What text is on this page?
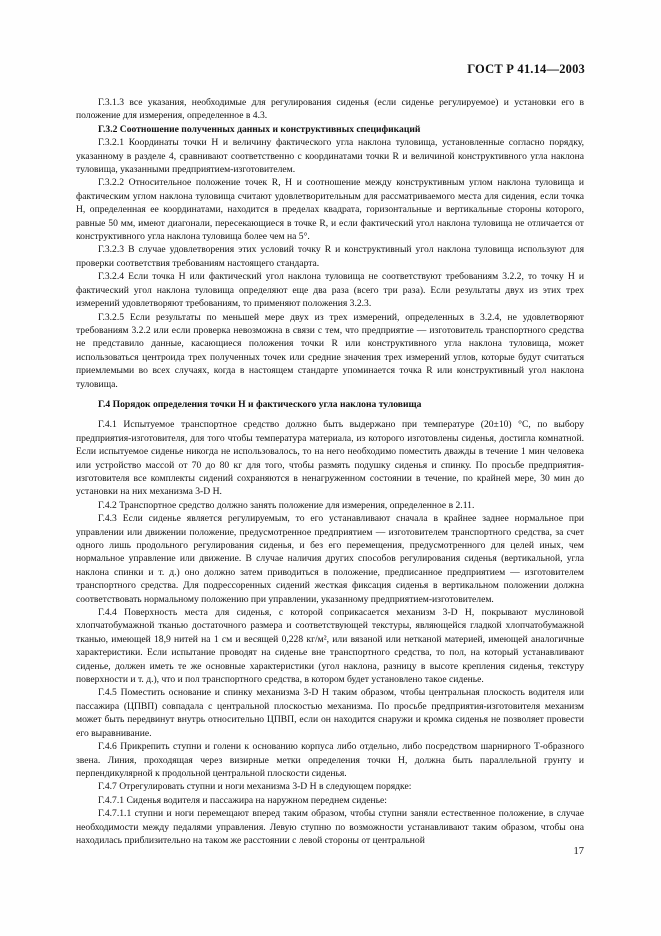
ГОСТ Р 41.14—2003

Г.3.1.3 все указания, необходимые для регулирования сиденья (если сиденье регулируемое) и установки его в положение для измерения, определенное в 4.3.

Г.3.2 Соотношение полученных данных и конструктивных спецификаций

Г.3.2.1 Координаты точки Н и величину фактического угла наклона туловища, установленные согласно порядку, указанному в разделе 4, сравнивают соответственно с координатами точки R и величиной конструктивного угла наклона туловища, указанными предприятием-изготовителем.

Г.3.2.2 Относительное положение точек R, Н и соотношение между конструктивным углом наклона туловища и фактическим углом наклона туловища считают удовлетворительным для рассматриваемого места для сидения, если точка Н, определенная ее координатами, находится в пределах квадрата, горизонтальные и вертикальные стороны которого, равные 50 мм, имеют диагонали, пересекающиеся в точке R, и если фактический угол наклона туловища не отличается от конструктивного угла наклона туловища более чем на 5°.

Г.3.2.3 В случае удовлетворения этих условий точку R и конструктивный угол наклона туловища используют для проверки соответствия требованиям настоящего стандарта.

Г.3.2.4 Если точка Н или фактический угол наклона туловища не соответствуют требованиям 3.2.2, то точку Н и фактический угол наклона туловища определяют еще два раза (всего три раза). Если результаты двух из этих трех измерений удовлетворяют требованиям, то применяют положения 3.2.3.

Г.3.2.5 Если результаты по меньшей мере двух из трех измерений, определенных в 3.2.4, не удовлетворяют требованиям 3.2.2 или если проверка невозможна в связи с тем, что предприятие — изготовитель транспортного средства не представило данные, касающиеся положения точки R или конструктивного угла наклона туловища, может использоваться центроида трех полученных точек или средние значения трех измерений углов, которые будут считаться приемлемыми во всех случаях, когда в настоящем стандарте упоминается точка R или конструктивный угол наклона туловища.

Г.4 Порядок определения точки Н и фактического угла наклона туловища

Г.4.1 Испытуемое транспортное средство должно быть выдержано при температуре (20±10) °С, по выбору предприятия-изготовителя, для того чтобы температура материала, из которого изготовлены сиденья, достигла комнатной. Если испытуемое сиденье никогда не использовалось, то на него необходимо поместить дважды в течение 1 мин человека или устройство массой от 70 до 80 кг для того, чтобы размять подушку сиденья и спинку. По просьбе предприятия-изготовителя все комплекты сидений сохраняются в ненагруженном состоянии в течение, по крайней мере, 30 мин до установки на них механизма 3-D Н.

Г.4.2 Транспортное средство должно занять положение для измерения, определенное в 2.11.

Г.4.3 Если сиденье является регулируемым, то его устанавливают сначала в крайнее заднее нормальное при управлении или движении положение, предусмотренное предприятием — изготовителем транспортного средства, за счет одного лишь продольного регулирования сиденья, и без его перемещения, предусмотренного для целей иных, чем нормальное управление или движение. В случае наличия других способов регулирования сиденья (вертикальной, угла наклона спинки и т. д.) оно должно затем приводиться в положение, предписанное предприятием — изготовителем транспортного средства. Для подрессоренных сидений жесткая фиксация сиденья в вертикальном положении должна соответствовать нормальному положению при управлении, указанному предприятием-изготовителем.

Г.4.4 Поверхность места для сиденья, с которой соприкасается механизм 3-D Н, покрывают муслиновой хлопчатобумажной тканью достаточного размера и соответствующей текстуры, являющейся гладкой хлопчатобумажной тканью, имеющей 18,9 нитей на 1 см и весящей 0,228 кг/м², или вязаной или нетканой материей, имеющей аналогичные характеристики. Если испытание проводят на сиденье вне транспортного средства, то пол, на который устанавливают сиденье, должен иметь те же основные характеристики (угол наклона, разницу в высоте крепления сиденья, текстуру поверхности и т. д.), что и пол транспортного средства, в котором будет установлено такое сиденье.

Г.4.5 Поместить основание и спинку механизма 3-D Н таким образом, чтобы центральная плоскость водителя или пассажира (ЦПВП) совпадала с центральной плоскостью механизма. По просьбе предприятия-изготовителя механизм может быть передвинут внутрь относительно ЦПВП, если он находится снаружи и кромка сиденья не позволяет провести его выравнивание.

Г.4.6 Прикрепить ступни и голени к основанию корпуса либо отдельно, либо посредством шарнирного Т-образного звена. Линия, проходящая через визирные метки определения точки Н, должна быть параллельной грунту и перпендикулярной к продольной центральной плоскости сиденья.

Г.4.7 Отрегулировать ступни и ноги механизма 3-D Н в следующем порядке:

Г.4.7.1 Сиденья водителя и пассажира на наружном переднем сиденье:

Г.4.7.1.1 ступни и ноги перемещают вперед таким образом, чтобы ступни заняли естественное положение, в случае необходимости между педалями управления. Левую ступню по возможности устанавливают таким образом, чтобы она находилась приблизительно на таком же расстоянии с левой стороны от центральной

17
